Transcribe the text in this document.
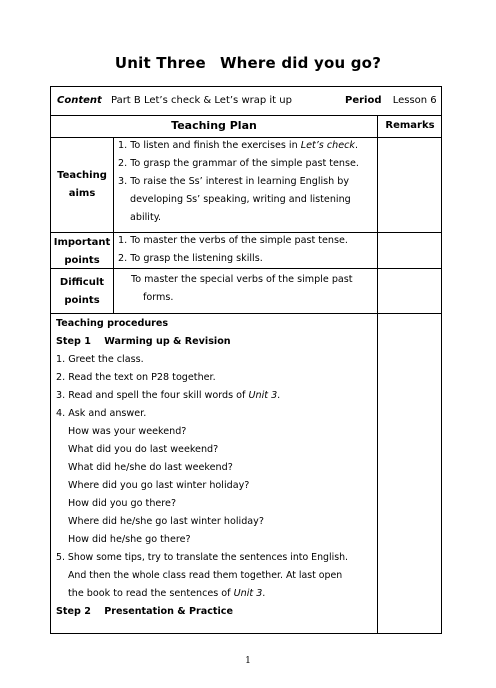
Unit Three Where did you go?
Content Part B Let’s check & Let’s wrap it up	Period Lesson 6
Teaching Plan	Remarks
Teaching
aims
1. To listen and finish the exercises in Let’s check.
2. To grasp the grammar of the simple past tense.
3. To raise the Ss’ interest in learning English by
developing Ss’ speaking, writing and listening
ability.
Important
points
1. To master the verbs of the simple past tense.
2. To grasp the listening skills.
Difficult
points
To master the special verbs of the simple past
forms.
Teaching procedures
Step 1    Warming up & Revision
1. Greet the class.
2. Read the text on P28 together.
3. Read and spell the four skill words of Unit 3.
4. Ask and answer.
How was your weekend?
What did you do last weekend?
What did he/she do last weekend?
Where did you go last winter holiday?
How did you go there?
Where did he/she go last winter holiday?
How did he/she go there?
5. Show some tips, try to translate the sentences into English.
And then the whole class read them together. At last open
the book to read the sentences of Unit 3.
Step 2    Presentation & Practice
1
